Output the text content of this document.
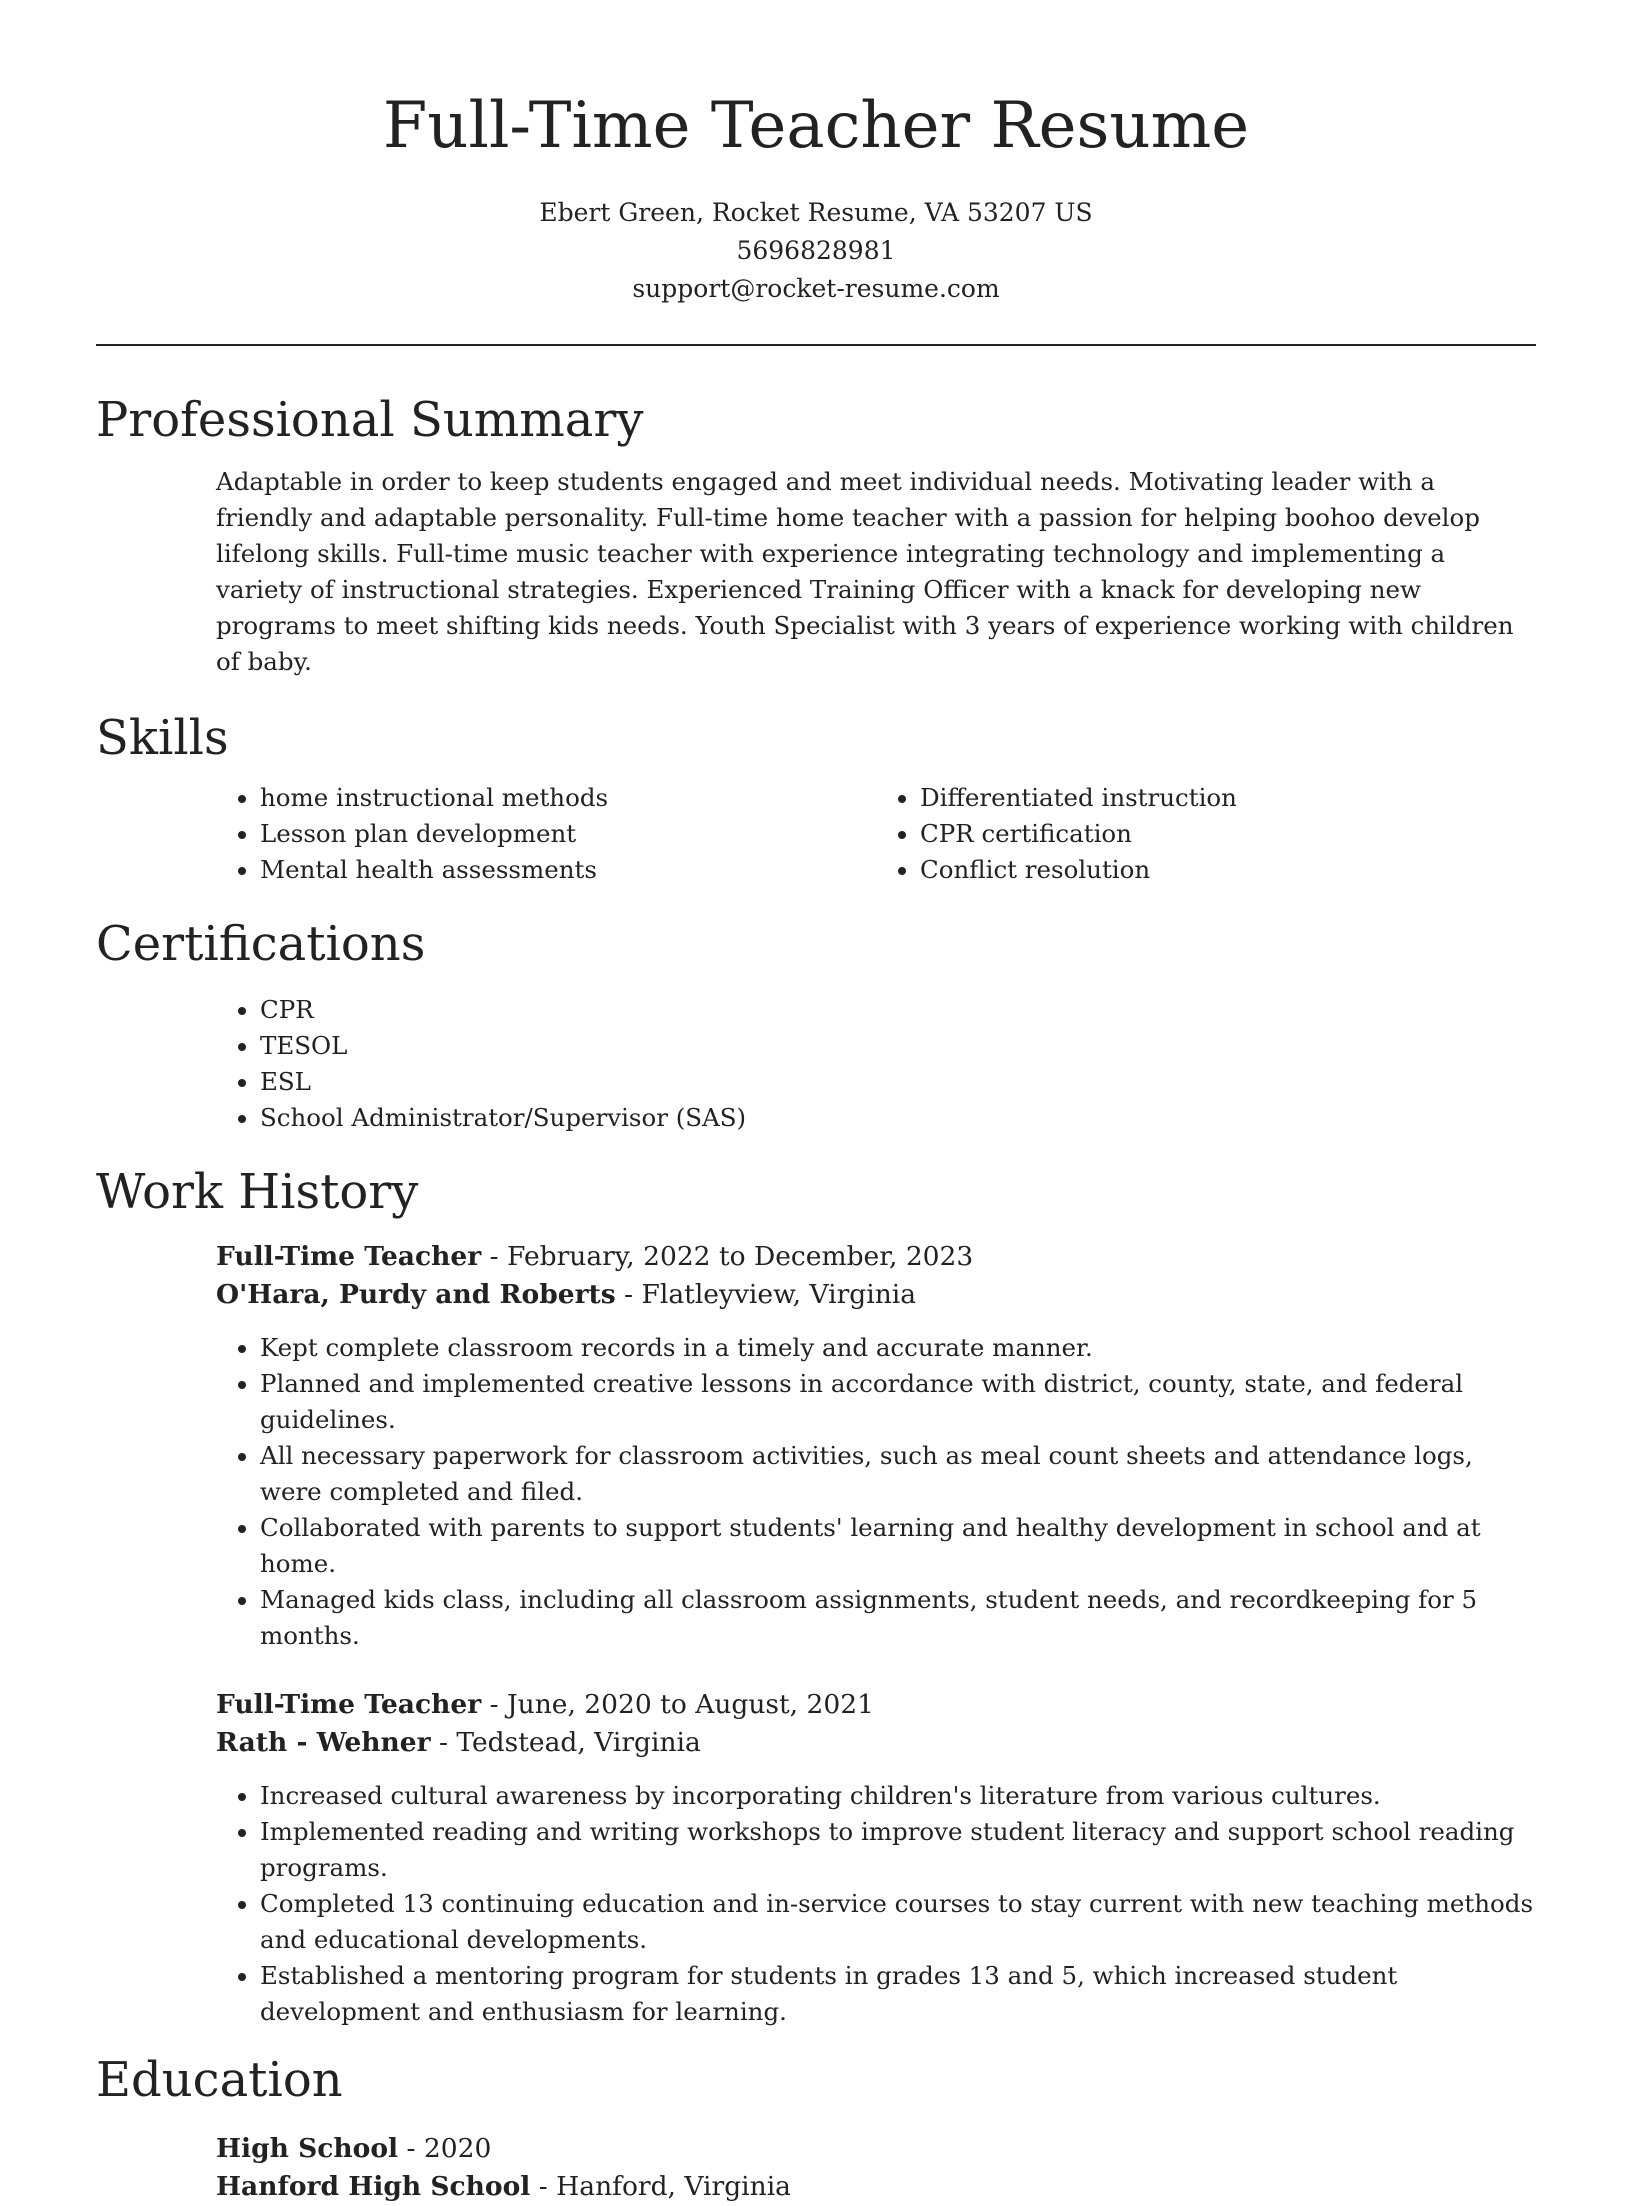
Full-Time Teacher Resume
Ebert Green, Rocket Resume, VA 53207 US
5696828981
support@rocket-resume.com
Professional Summary

Adaptable in order to keep students engaged and meet individual needs. Motivating leader with a friendly and adaptable personality. Full-time home teacher with a passion for helping boohoo develop lifelong skills. Full-time music teacher with experience integrating technology and implementing a variety of instructional strategies. Experienced Training Officer with a knack for developing new programs to meet shifting kids needs. Youth Specialist with 3 years of experience working with children of baby.

Skills
• home instructional methods
• Lesson plan development
• Mental health assessments
• Differentiated instruction
• CPR certification
• Conflict resolution
Certifications
• CPR
• TESOL
• ESL
• School Administrator/Supervisor (SAS)
Work History
Full-Time Teacher - February, 2022 to December, 2023
O'Hara, Purdy and Roberts - Flatleyview, Virginia
• Kept complete classroom records in a timely and accurate manner.
• Planned and implemented creative lessons in accordance with district, county, state, and federal guidelines.
• All necessary paperwork for classroom activities, such as meal count sheets and attendance logs, were completed and filed.
• Collaborated with parents to support students' learning and healthy development in school and at home.
• Managed kids class, including all classroom assignments, student needs, and recordkeeping for 5 months.
Full-Time Teacher - June, 2020 to August, 2021
Rath - Wehner - Tedstead, Virginia
• Increased cultural awareness by incorporating children's literature from various cultures.
• Implemented reading and writing workshops to improve student literacy and support school reading programs.
• Completed 13 continuing education and in-service courses to stay current with new teaching methods and educational developments.
• Established a mentoring program for students in grades 13 and 5, which increased student development and enthusiasm for learning.
Education
High School - 2020
Hanford High School - Hanford, Virginia
